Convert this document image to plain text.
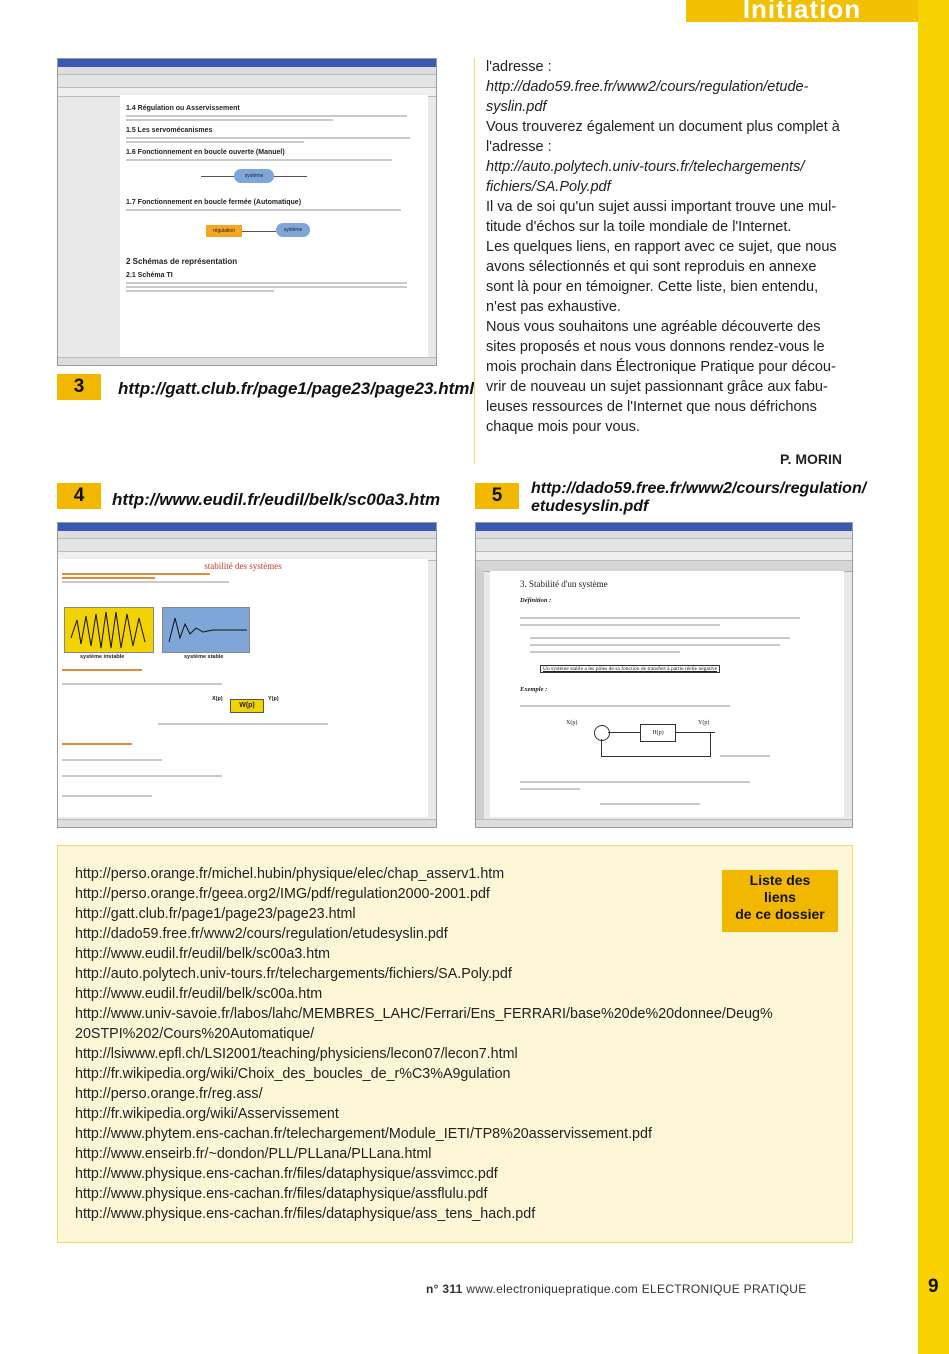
Initiation
1.4 Régulation ou Asservissement
1.5 Les servomécanismes
1.6 Fonctionnement en boucle ouverte (Manuel)
système
1.7 Fonctionnement en boucle fermée (Automatique)
régulation	système
2 Schémas de représentation
2.1 Schéma TI
3	http://gatt.club.fr/page1/page23/page23.html

l'adresse :

http://dado59.free.fr/www2/cours/regulation/etude-

syslin.pdf

Vous trouverez également un document plus complet à

l'adresse :

http://auto.polytech.univ-tours.fr/telechargements/

fichiers/SA.Poly.pdf

Il va de soi qu'un sujet aussi important trouve une mul-

titude d'échos sur la toile mondiale de l'Internet.

Les quelques liens, en rapport avec ce sujet, que nous

avons sélectionnés et qui sont reproduis en annexe

sont là pour en témoigner. Cette liste, bien entendu,

n'est pas exhaustive.

Nous vous souhaitons une agréable découverte des

sites proposés et nous vous donnons rendez-vous le

mois prochain dans Électronique Pratique pour décou-

vrir de nouveau un sujet passionnant grâce aux fabu-

leuses ressources de l'Internet que nous défrichons

chaque mois pour vous.

P. MORIN
4	http://www.eudil.fr/eudil/belk/sc00a3.htm
stabilité des systèmes
système instable	système stable
X(p)
W(p)
Y(p)
5	http://dado59.free.fr/www2/cours/regulation/
etudesyslin.pdf
3. Stabilité d'un système
Définition :
Un système stable a les pôles de sa fonction de transfert à partie réelle négative
Exemple :
X(p)
H(p)
Y(p)
http://perso.orange.fr/michel.hubin/physique/elec/chap_asserv1.htm
http://perso.orange.fr/geea.org2/IMG/pdf/regulation2000-2001.pdf
http://gatt.club.fr/page1/page23/page23.html
http://dado59.free.fr/www2/cours/regulation/etudesyslin.pdf
http://www.eudil.fr/eudil/belk/sc00a3.htm
http://auto.polytech.univ-tours.fr/telechargements/fichiers/SA.Poly.pdf
http://www.eudil.fr/eudil/belk/sc00a.htm
http://www.univ-savoie.fr/labos/lahc/MEMBRES_LAHC/Ferrari/Ens_FERRARI/base%20de%20donnee/Deug%
20STPI%202/Cours%20Automatique/
http://lsiwww.epfl.ch/LSI2001/teaching/physiciens/lecon07/lecon7.html
http://fr.wikipedia.org/wiki/Choix_des_boucles_de_r%C3%A9gulation
http://perso.orange.fr/reg.ass/
http://fr.wikipedia.org/wiki/Asservissement
http://www.phytem.ens-cachan.fr/telechargement/Module_IETI/TP8%20asservissement.pdf
http://www.enseirb.fr/~dondon/PLL/PLLana/PLLana.html
http://www.physique.ens-cachan.fr/files/dataphysique/assvimcc.pdf
http://www.physique.ens-cachan.fr/files/dataphysique/assflulu.pdf
http://www.physique.ens-cachan.fr/files/dataphysique/ass_tens_hach.pdf
Liste des
liens
de ce dossier
n° 311 www.electroniquepratique.com ELECTRONIQUE PRATIQUE	9
